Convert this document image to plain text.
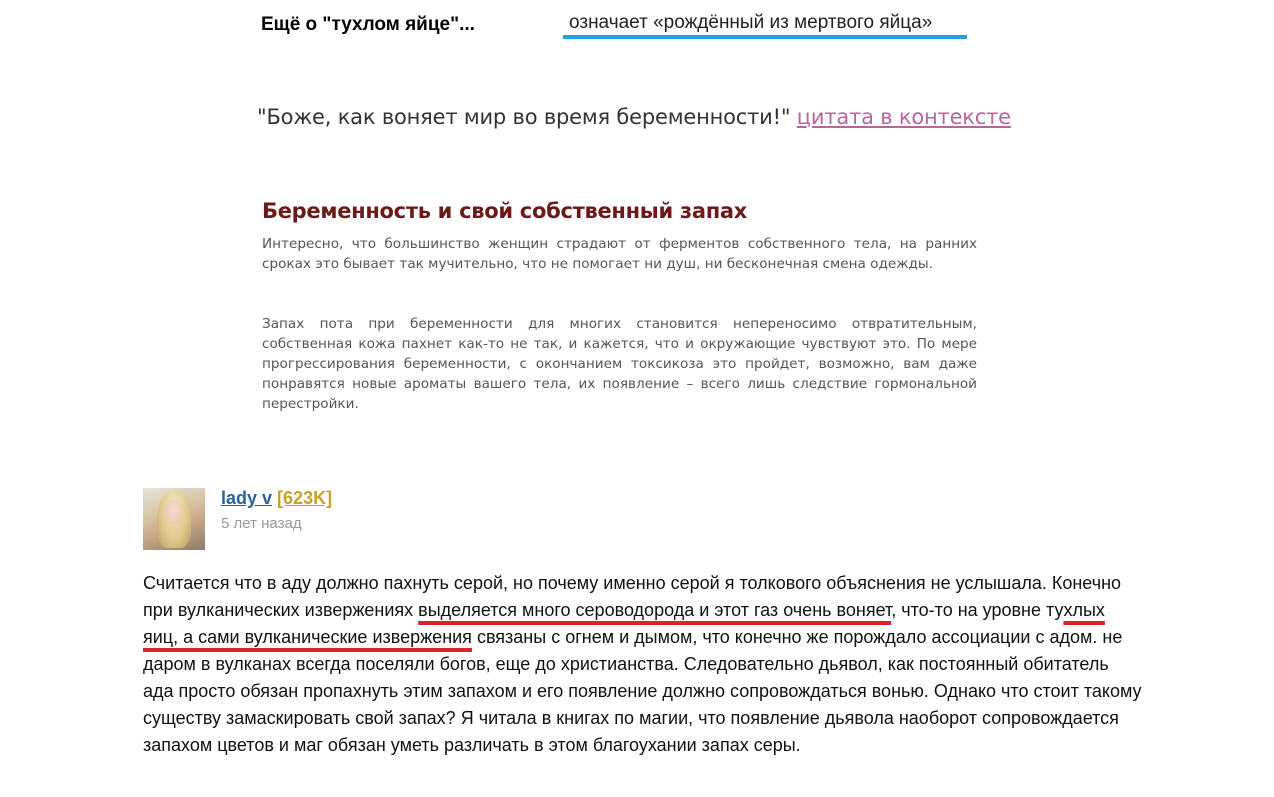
Ещё о "тухлом яйце"...	означает «рождённый из мертвого яйца»
"Боже, как воняет мир во время беременности!" цитата в контексте
Беременность и свой собственный запах

Интересно, что большинство женщин страдают от ферментов собственного тела, на ранних сроках это бывает так мучительно, что не помогает ни душ, ни бесконечная смена одежды.

Запах пота при беременности для многих становится непереносимо отвратительным, собственная кожа пахнет как-то не так, и кажется, что и окружающие чувствуют это. По мере прогрессирования беременности, с окончанием токсикоза это пройдет, возможно, вам даже понравятся новые ароматы вашего тела, их появление – всего лишь следствие гормональной перестройки.

lady v [623K]
5 лет назад

Считается что в аду должно пахнуть серой, но почему именно серой я толкового объяснения не услышала. Конечно при вулканических извержениях выделяется много сероводорода и этот газ очень воняет, что-то на уровне тухлых яиц, а сами вулканические извержения связаны с огнем и дымом, что конечно же порождало ассоциации с адом. не даром в вулканах всегда поселяли богов, еще до христианства. Следовательно дьявол, как постоянный обитатель ада просто обязан пропахнуть этим запахом и его появление должно сопровождаться вонью. Однако что стоит такому существу замаскировать свой запах? Я читала в книгах по магии, что появление дьявола наоборот сопровождается запахом цветов и маг обязан уметь различать в этом благоухании запах серы.
